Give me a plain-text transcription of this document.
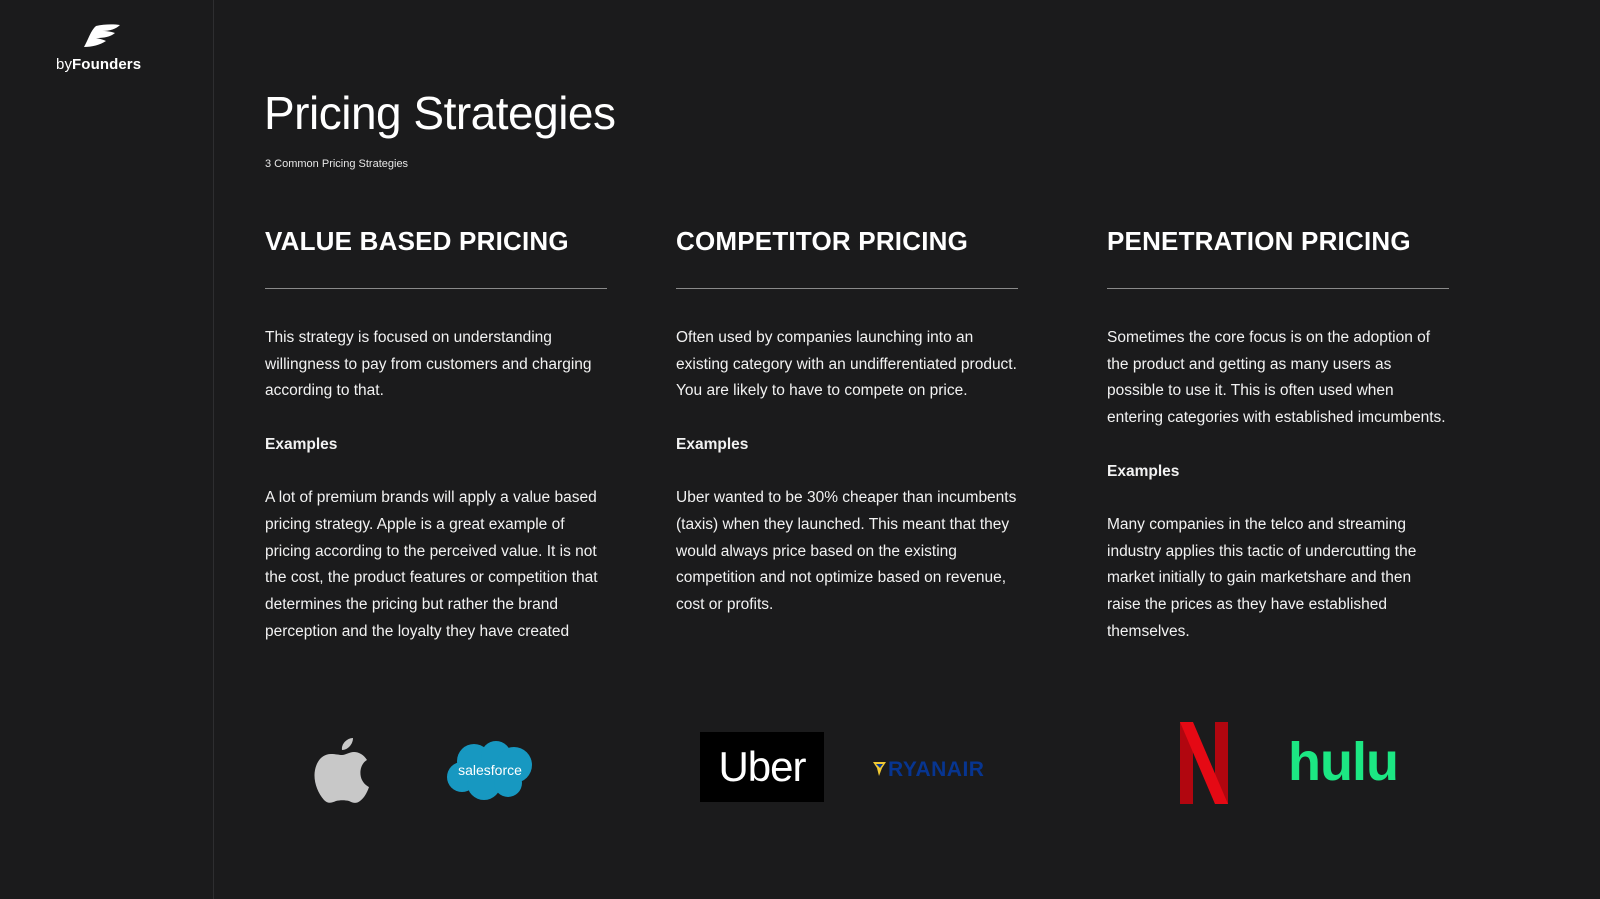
byFounders
Pricing Strategies
3 Common Pricing Strategies
VALUE BASED PRICING

This strategy is focused on understanding willingness to pay from customers and charging according to that.

Examples

A lot of premium brands will apply a value based pricing strategy. Apple is a great example of pricing according to the perceived value. It is not the cost, the product features or competition that determines the pricing but rather the brand perception and the loyalty they have created

COMPETITOR PRICING

Often used by companies launching into an existing category with an undifferentiated product. You are likely to have to compete on price.

Examples

Uber wanted to be 30% cheaper than incumbents (taxis) when they launched. This meant that they would always price based on the existing competition and not optimize based on revenue, cost or profits.

PENETRATION PRICING

Sometimes the core focus is on the adoption of the product and getting as many users as possible to use it. This is often used when entering categories with established imcumbents.

Examples

Many companies in the telco and streaming industry applies this tactic of undercutting the market initially to gain marketshare and then raise the prices as they have established themselves.

salesforce	Uber	RYANAIR	hulu
